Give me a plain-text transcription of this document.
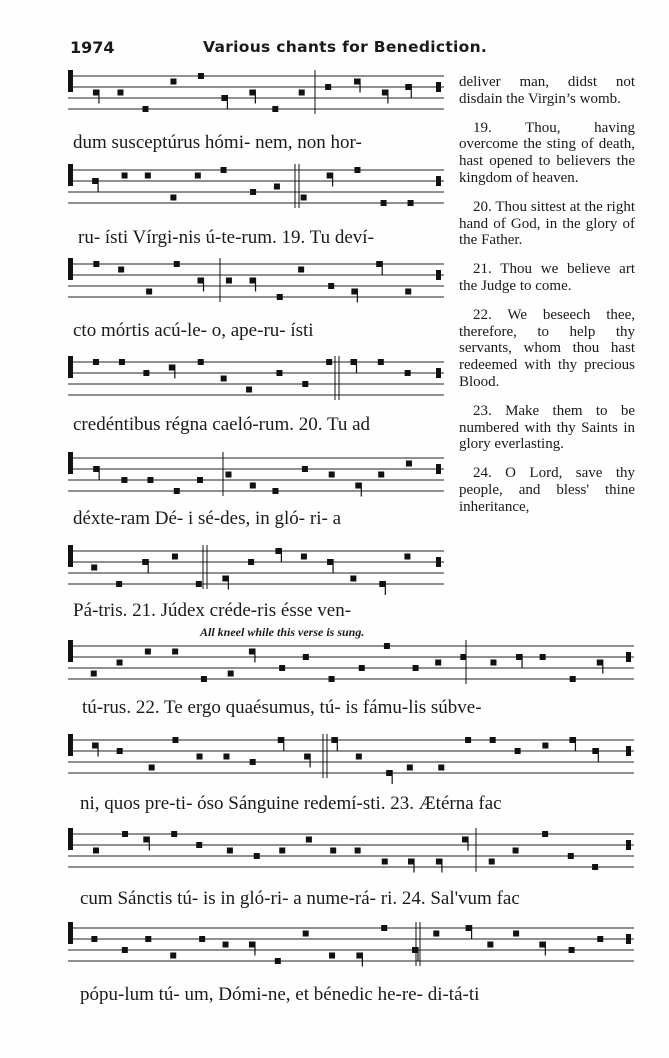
1974	Various chants for Benediction.
dum susceptúrus hómi- nem, non hor-
ru- ísti Vírgi-nis ú-te-rum. 19. Tu deví-
cto mórtis acú-le- o, ape-ru- ísti
credéntibus régna caeló-rum. 20. Tu ad
déxte-ram Dé- i sé-des, in gló- ri- a
Pá-tris. 21. Júdex créde-ris ésse ven-
tú-rus. 22. Te ergo quaésumus, tú- is fámu-lis súbve-
ni, quos pre-ti- óso Sánguine redemí-sti. 23. Ætérna fac
cum Sánctis tú- is in gló-ri- a nume-rá- ri. 24. Sal'vum fac
pópu-lum tú- um, Dómi-ne, et bénedic he-re- di-tá-ti
All kneel while this verse is sung.

deliver man, didst not disdain the Virgin’s womb.

19. Thou, having overcome the sting of death, hast opened to believers the kingdom of heaven.

20. Thou sittest at the right hand of God, in the glory of the Father.

21. Thou we believe art the Judge to come.

22. We beseech thee, therefore, to help thy servants, whom thou hast redeemed with thy precious Blood.

23. Make them to be numbered with thy Saints in glory everlasting.

24. O Lord, save thy people, and bless' thine inheritance,
